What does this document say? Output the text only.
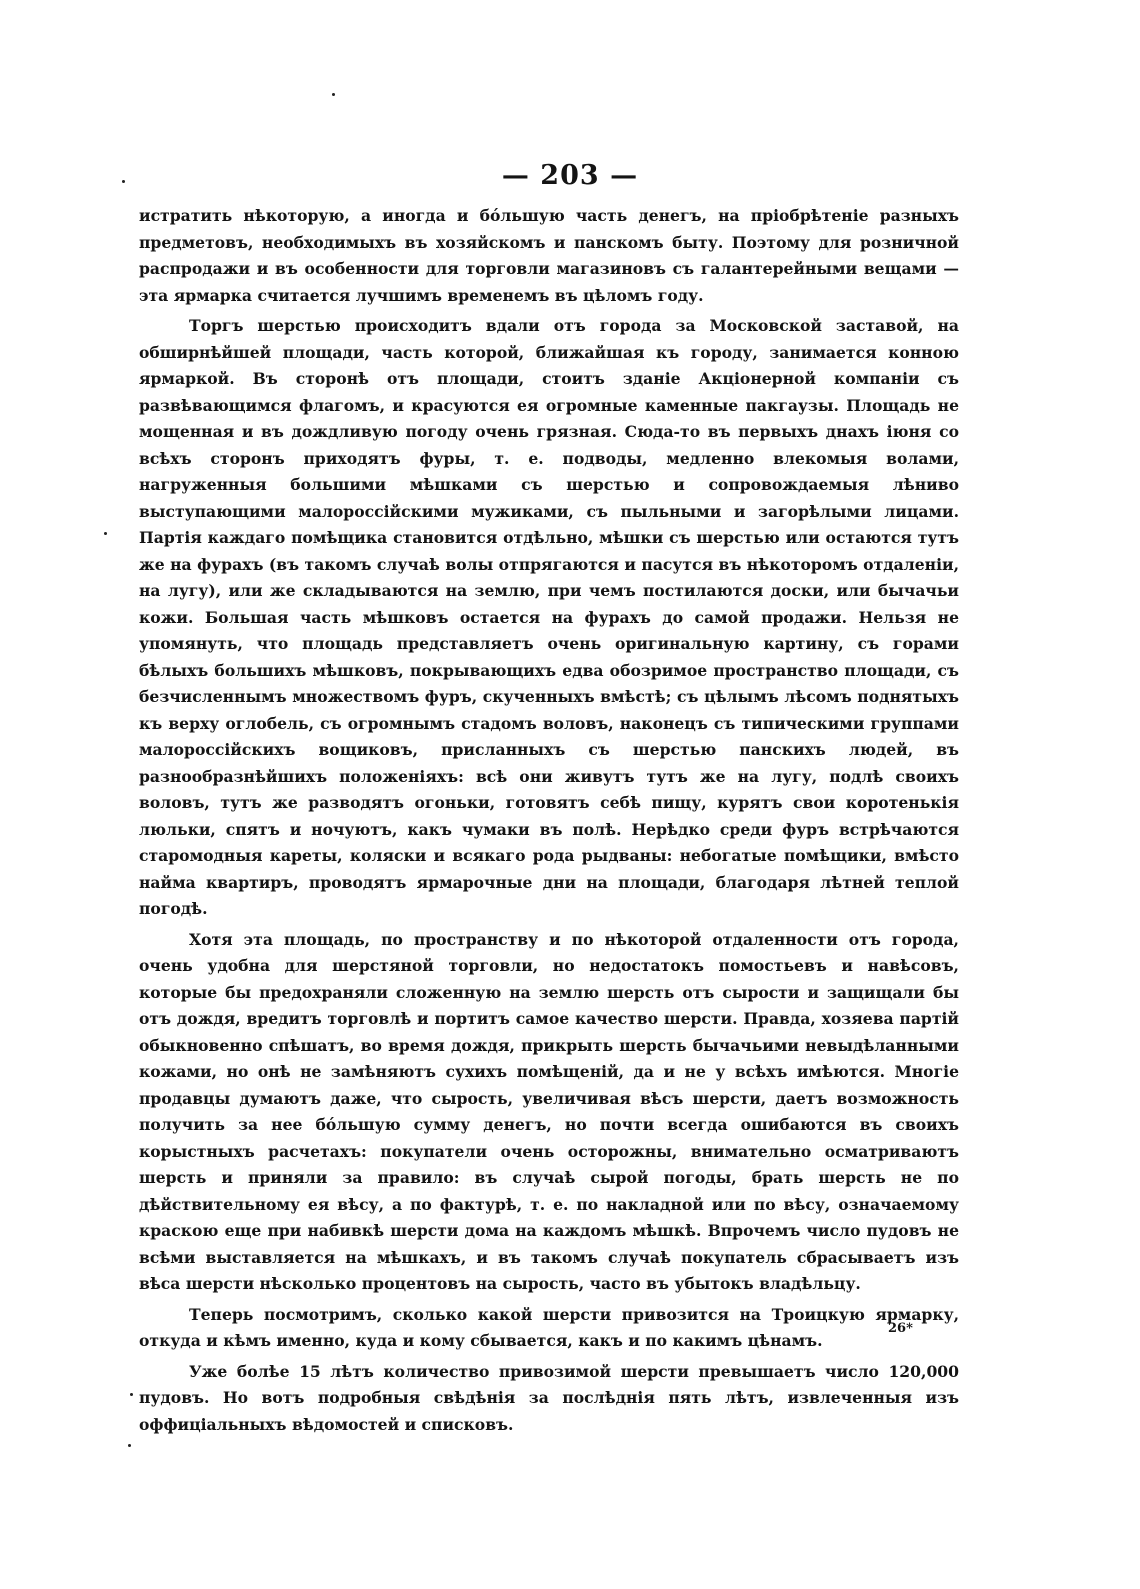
— 203 —

истратить нѣкоторую, а иногда и бо́льшую часть денегъ, на пріобрѣтеніе разныхъ предметовъ, необходимыхъ въ хозяйскомъ и панскомъ быту. Поэтому для розничной распродажи и въ особенности для торговли магазиновъ съ галантерейными вещами — эта ярмарка считается лучшимъ временемъ въ цѣломъ году.

Торгъ шерстью происходитъ вдали отъ города за Московской заставой, на обширнѣйшей площади, часть которой, ближайшая къ городу, занимается конною ярмаркой. Въ сторонѣ отъ площади, стоитъ зданіе Акціонерной компаніи съ развѣвающимся флагомъ, и красуются ея огромные каменные пакгаузы. Площадь не мощенная и въ дождливую погоду очень грязная. Сюда-то въ первыхъ днахъ іюня со всѣхъ сторонъ приходятъ фуры, т. е. подводы, медленно влекомыя волами, нагруженныя большими мѣшками съ шерстью и сопровождаемыя лѣниво выступающими малороссійскими мужиками, съ пыльными и загорѣлыми лицами. Партія каждаго помѣщика становится отдѣльно, мѣшки съ шерстью или остаются тутъ же на фурахъ (въ такомъ случаѣ волы отпрягаются и пасутся въ нѣкоторомъ отдаленіи, на лугу), или же складываются на землю, при чемъ постилаются доски, или бычачьи кожи. Большая часть мѣшковъ остается на фурахъ до самой продажи. Нельзя не упомянуть, что площадь представляетъ очень оригинальную картину, съ горами бѣлыхъ большихъ мѣшковъ, покрывающихъ едва обозримое пространство площади, съ безчисленнымъ множествомъ фуръ, скученныхъ вмѣстѣ; съ цѣлымъ лѣсомъ поднятыхъ къ верху оглобель, съ огромнымъ стадомъ воловъ, наконецъ съ типическими группами малороссійскихъ вощиковъ, присланныхъ съ шерстью панскихъ людей, въ разнообразнѣйшихъ положеніяхъ: всѣ они живутъ тутъ же на лугу, подлѣ своихъ воловъ, тутъ же разводятъ огоньки, готовятъ себѣ пищу, курятъ свои коротенькія люльки, спятъ и ночуютъ, какъ чумаки въ полѣ. Нерѣдко среди фуръ встрѣчаются старомодныя кареты, коляски и всякаго рода рыдваны: небогатые помѣщики, вмѣсто найма квартиръ, проводятъ ярмарочные дни на площади, благодаря лѣтней теплой погодѣ.

Хотя эта площадь, по пространству и по нѣкоторой отдаленности отъ города, очень удобна для шерстяной торговли, но недостатокъ помостьевъ и навѣсовъ, которые бы предохраняли сложенную на землю шерсть отъ сырости и защищали бы отъ дождя, вредитъ торговлѣ и портитъ самое качество шерсти. Правда, хозяева партій обыкновенно спѣшатъ, во время дождя, прикрыть шерсть бычачьими невыдѣланными кожами, но онѣ не замѣняютъ сухихъ помѣщеній, да и не у всѣхъ имѣются. Многіе продавцы думаютъ даже, что сырость, увеличивая вѣсъ шерсти, даетъ возможность получить за нее бо́льшую сумму денегъ, но почти всегда ошибаются въ своихъ корыстныхъ расчетахъ: покупатели очень осторожны, внимательно осматриваютъ шерсть и приняли за правило: въ случаѣ сырой погоды, брать шерсть не по дѣйствительному ея вѣсу, а по фактурѣ, т. е. по накладной или по вѣсу, означаемому краскою еще при набивкѣ шерсти дома на каждомъ мѣшкѣ. Впрочемъ число пудовъ не всѣми выставляется на мѣшкахъ, и въ такомъ случаѣ покупатель сбрасываетъ изъ вѣса шерсти нѣсколько процентовъ на сырость, часто въ убытокъ владѣльцу.

Теперь посмотримъ, сколько какой шерсти привозится на Троицкую ярмарку, откуда и кѣмъ именно, куда и кому сбывается, какъ и по какимъ цѣнамъ.

Уже болѣе 15 лѣтъ количество привозимой шерсти превышаетъ число 120,000 пудовъ. Но вотъ подробныя свѣдѣнія за послѣднія пять лѣтъ, извлеченныя изъ оффиціальныхъ вѣдомостей и списковъ.

26*
